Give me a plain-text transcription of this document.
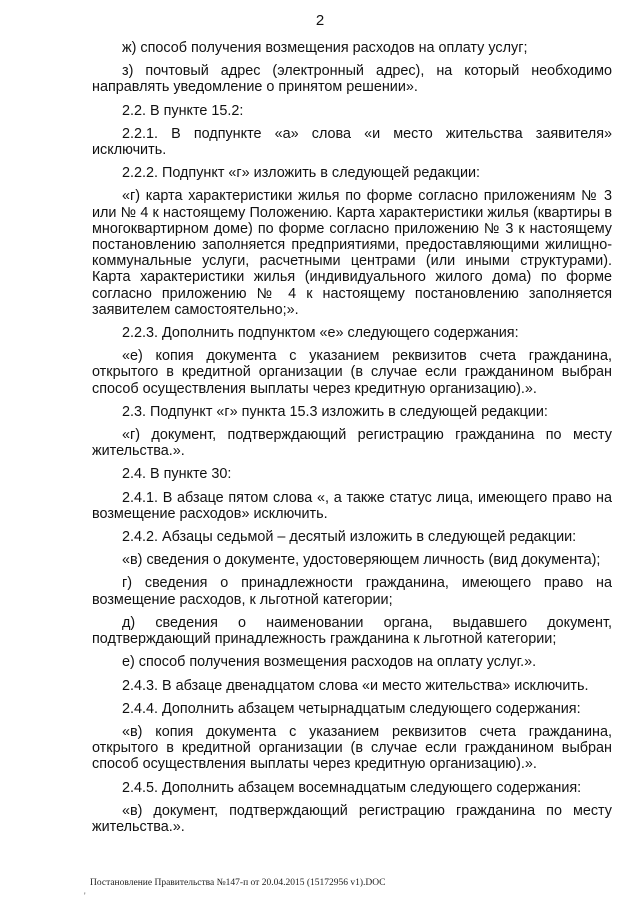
2

ж) способ получения возмещения расходов на оплату услуг;

з) почтовый адрес (электронный адрес), на который необходимо направлять уведомление о принятом решении».

2.2. В пункте 15.2:

2.2.1. В подпункте «а» слова «и место жительства заявителя» исключить.

2.2.2. Подпункт «г» изложить в следующей редакции:

«г) карта характеристики жилья по форме согласно приложениям № 3 или № 4 к настоящему Положению. Карта характеристики жилья (квартиры в многоквартирном доме) по форме согласно приложению № 3 к настоящему постановлению заполняется предприятиями, предоставляющими жилищно-коммунальные услуги, расчетными центрами (или иными структурами). Карта характеристики жилья (индивидуального жилого дома) по форме согласно приложению № 4 к настоящему постановлению заполняется заявителем самостоятельно;».

2.2.3. Дополнить подпунктом «е» следующего содержания:

«е) копия документа с указанием реквизитов счета гражданина, открытого в кредитной организации (в случае если гражданином выбран способ осуществления выплаты через кредитную организацию).».

2.3. Подпункт «г» пункта 15.3 изложить в следующей редакции:

«г) документ, подтверждающий регистрацию гражданина по месту жительства.».

2.4. В пункте 30:

2.4.1. В абзаце пятом слова «, а также статус лица, имеющего право на возмещение расходов» исключить.

2.4.2. Абзацы седьмой – десятый изложить в следующей редакции:

«в) сведения о документе, удостоверяющем личность (вид документа);

г) сведения о принадлежности гражданина, имеющего право на возмещение расходов, к льготной категории;

д) сведения о наименовании органа, выдавшего документ, подтверждающий принадлежность гражданина к льготной категории;

е) способ получения возмещения расходов на оплату услуг.».

2.4.3. В абзаце двенадцатом слова «и место жительства» исключить.

2.4.4. Дополнить абзацем четырнадцатым следующего содержания:

«в) копия документа с указанием реквизитов счета гражданина, открытого в кредитной организации (в случае если гражданином выбран способ осуществления выплаты через кредитную организацию).».

2.4.5. Дополнить абзацем восемнадцатым следующего содержания:

«в) документ, подтверждающий регистрацию гражданина по месту жительства.».

Постановление Правительства №147-п от 20.04.2015 (15172956 v1).DOC
'
